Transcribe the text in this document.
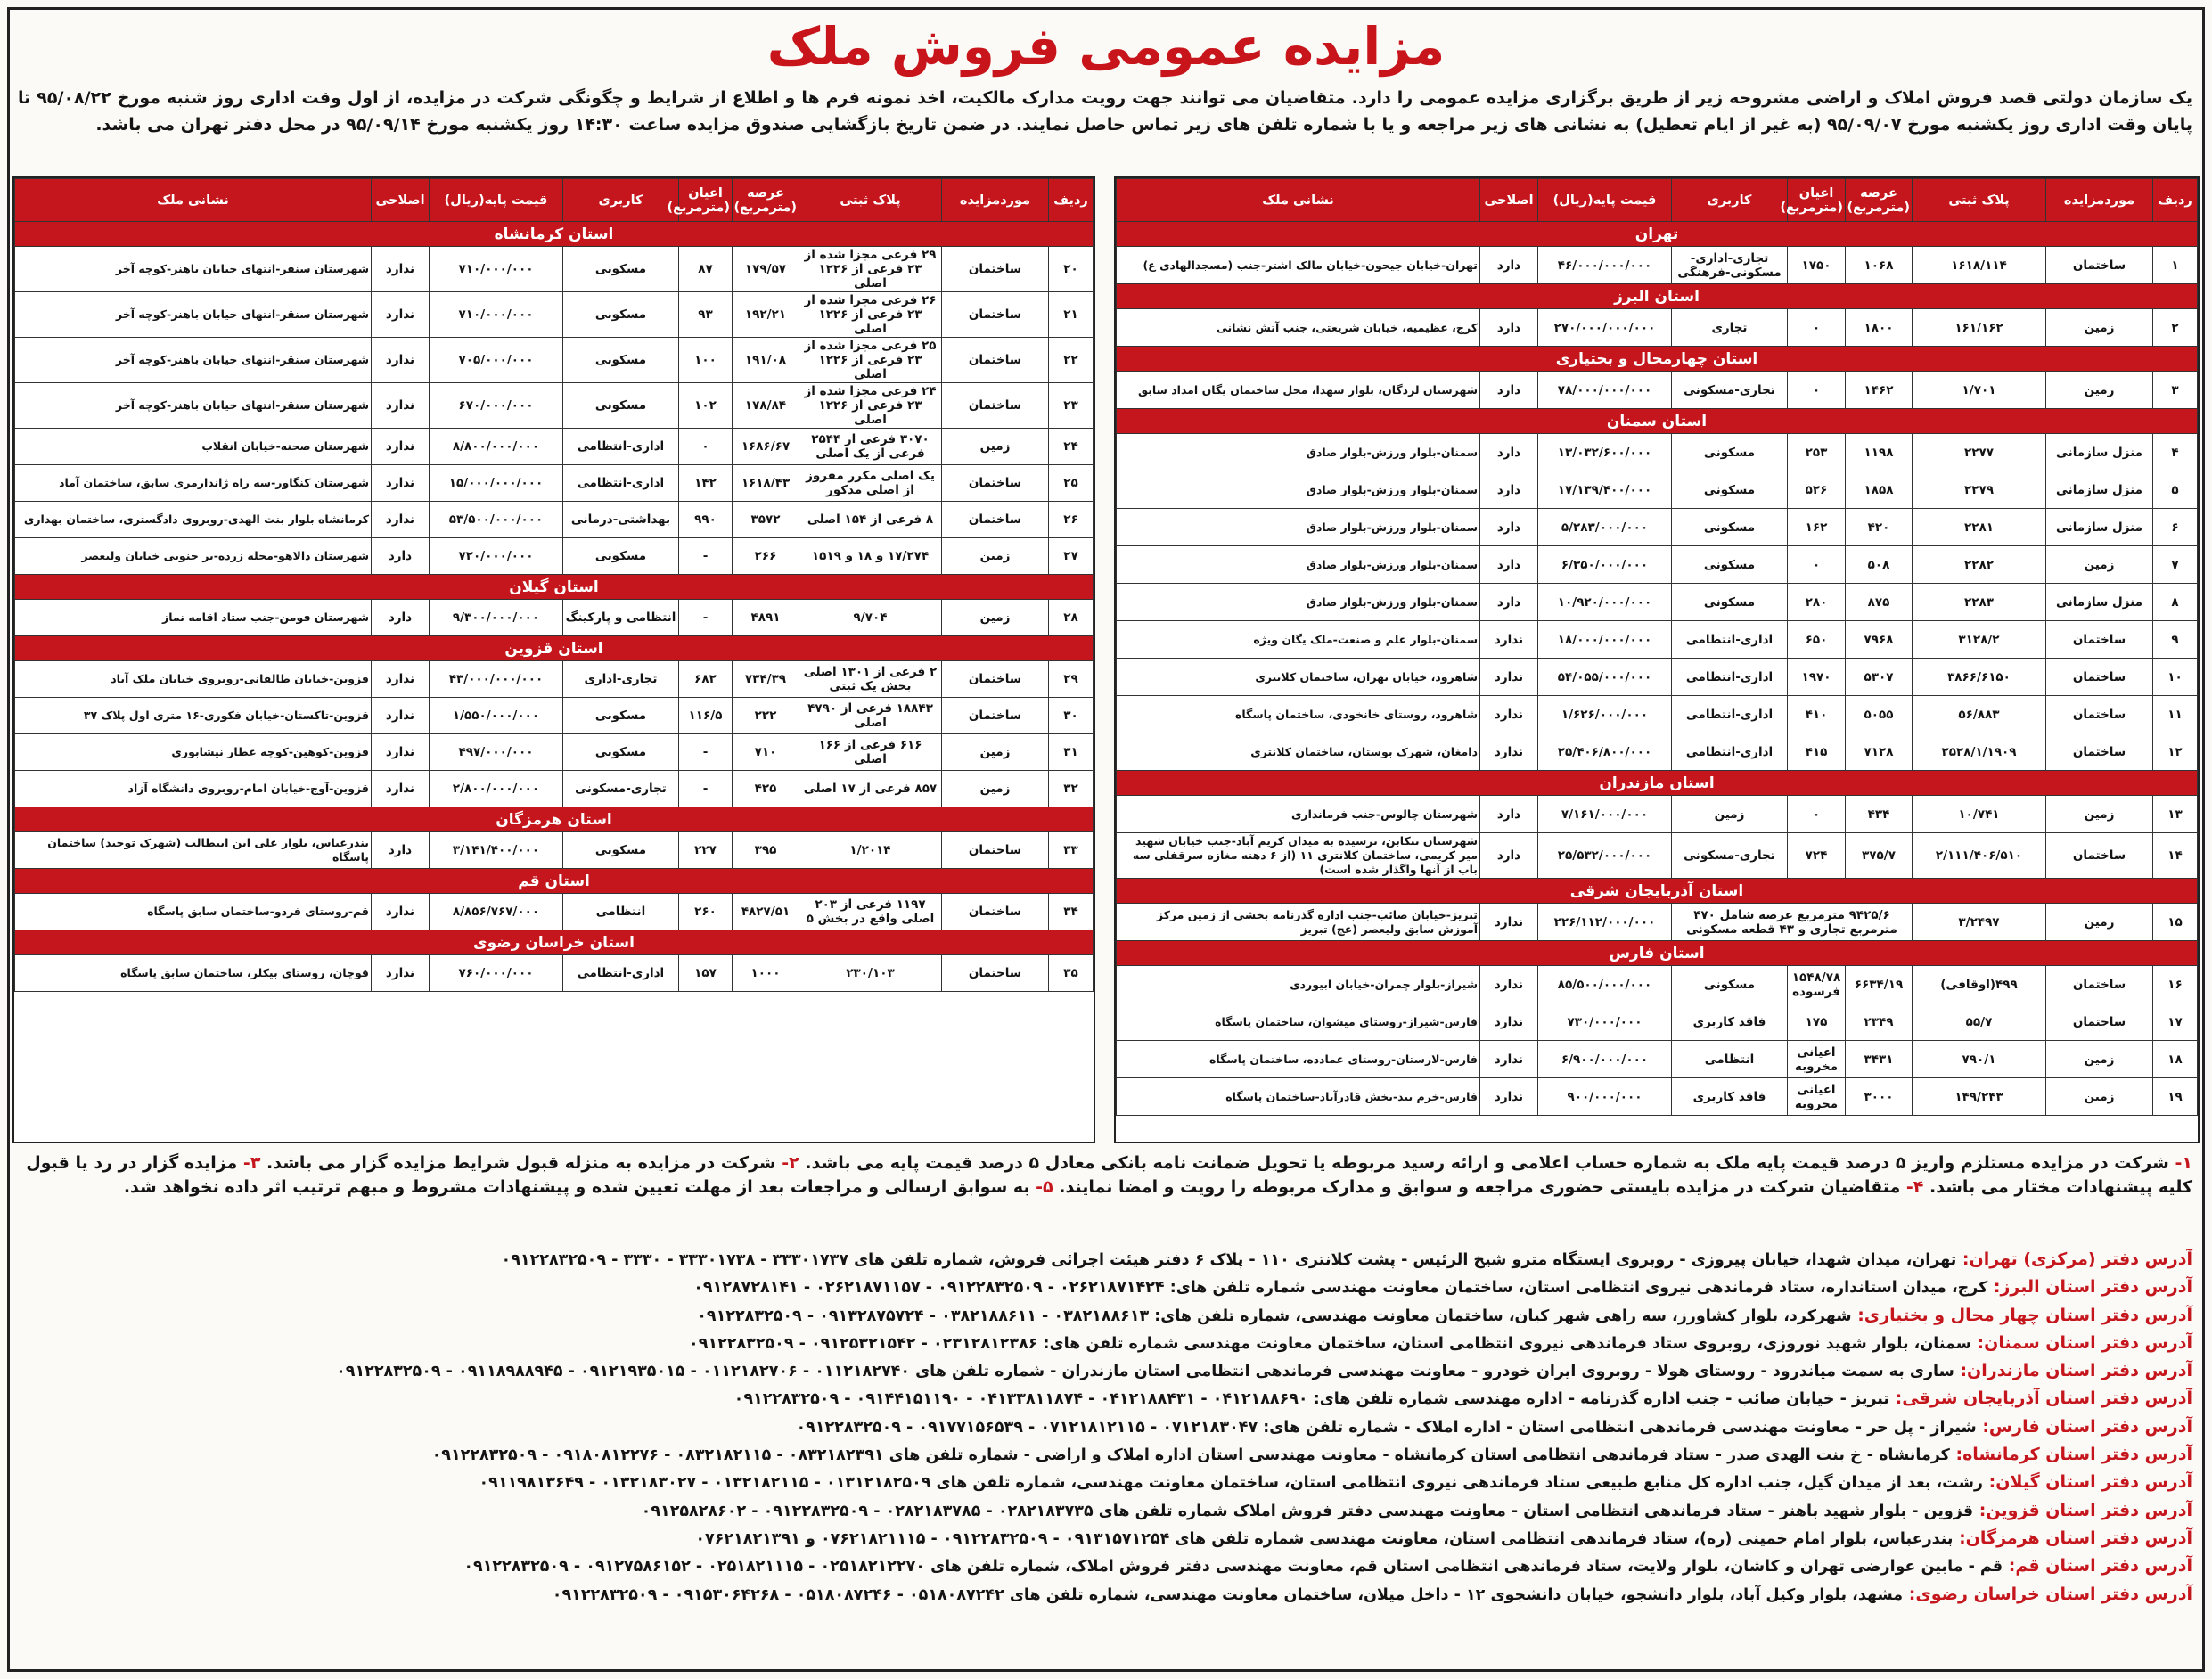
مزایده عمومی فروش ملک
یک سازمان دولتی قصد فروش املاک و اراضی مشروحه زیر از طریق برگزاری مزایده عمومی را دارد. متقاضیان می توانند جهت رویت مدارک مالکیت، اخذ نمونه فرم ها و اطلاع از شرایط و چگونگی شرکت در مزایده، از اول وقت اداری روز شنبه مورخ ۹۵/۰۸/۲۲ تا پایان وقت اداری روز یکشنبه مورخ ۹۵/۰۹/۰۷ (به غیر از ایام تعطیل) به نشانی های زیر مراجعه و یا با شماره تلفن های زیر تماس حاصل نمایند. در ضمن تاریخ بازگشایی صندوق مزایده ساعت ۱۴:۳۰ روز یکشنبه مورخ ۹۵/۰۹/۱۴ در محل دفتر تهران می باشد.
ردیف	موردمزایده	پلاک ثبتی	عرصه (مترمربع)	اعیان (مترمربع)	کاربری	قیمت پایه(ریال)	اصلاحی	نشانی ملک
تهران								
۱	ساختمان	۱۶۱۸/۱۱۴	۱۰۶۸	۱۷۵۰	تجاری-اداری-مسکونی-فرهنگی	۴۶/۰۰۰/۰۰۰/۰۰۰	دارد	تهران-خیابان جیحون-خیابان مالک اشتر-جنب (مسجدالهادی ع)
استان البرز								
۲	زمین	۱۶۱/۱۶۲	۱۸۰۰	۰	تجاری	۲۷۰/۰۰۰/۰۰۰/۰۰۰	دارد	کرج، عظیمیه، خیابان شریعتی، جنب آتش نشانی
استان چهارمحال و بختیاری								
۳	زمین	۱/۷۰۱	۱۴۶۲	۰	تجاری-مسکونی	۷۸/۰۰۰/۰۰۰/۰۰۰	دارد	شهرستان لردگان، بلوار شهدا، محل ساختمان یگان امداد سابق
استان سمنان								
۴	منزل سازمانی	۲۲۷۷	۱۱۹۸	۲۵۳	مسکونی	۱۳/۰۳۲/۶۰۰/۰۰۰	دارد	سمنان-بلوار ورزش-بلوار صادق
۵	منزل سازمانی	۲۲۷۹	۱۸۵۸	۵۲۶	مسکونی	۱۷/۱۳۹/۴۰۰/۰۰۰	دارد	سمنان-بلوار ورزش-بلوار صادق
۶	منزل سازمانی	۲۲۸۱	۴۲۰	۱۶۲	مسکونی	۵/۲۸۳/۰۰۰/۰۰۰	دارد	سمنان-بلوار ورزش-بلوار صادق
۷	زمین	۲۲۸۲	۵۰۸	۰	مسکونی	۶/۳۵۰/۰۰۰/۰۰۰	دارد	سمنان-بلوار ورزش-بلوار صادق
۸	منزل سازمانی	۲۲۸۳	۸۷۵	۲۸۰	مسکونی	۱۰/۹۲۰/۰۰۰/۰۰۰	دارد	سمنان-بلوار ورزش-بلوار صادق
۹	ساختمان	۳۱۲۸/۲	۷۹۶۸	۶۵۰	اداری-انتظامی	۱۸/۰۰۰/۰۰۰/۰۰۰	ندارد	سمنان-بلوار علم و صنعت-ملک یگان ویژه
۱۰	ساختمان	۳۸۶۶/۶۱۵۰	۵۳۰۷	۱۹۷۰	اداری-انتظامی	۵۴/۰۵۵/۰۰۰/۰۰۰	ندارد	شاهرود، خیابان تهران، ساختمان کلانتری
۱۱	ساختمان	۵۶/۸۸۳	۵۰۵۵	۴۱۰	اداری-انتظامی	۱/۶۲۶/۰۰۰/۰۰۰	ندارد	شاهرود، روستای خانخودی، ساختمان پاسگاه
۱۲	ساختمان	۲۵۲۸/۱/۱۹۰۹	۷۱۲۸	۴۱۵	اداری-انتظامی	۲۵/۴۰۶/۸۰۰/۰۰۰	ندارد	دامغان، شهرک بوستان، ساختمان کلانتری
استان مازندران								
۱۳	زمین	۱۰/۷۴۱	۴۳۴	۰	زمین	۷/۱۶۱/۰۰۰/۰۰۰	دارد	شهرستان چالوس-جنب فرمانداری
۱۴	ساختمان	۲/۱۱۱/۴۰۶/۵۱۰	۳۷۵/۷	۷۲۴	تجاری-مسکونی	۲۵/۵۳۲/۰۰۰/۰۰۰	دارد	شهرستان تنکابن، نرسیده به میدان کریم آباد-جنب خیابان شهید میر کریمی، ساختمان کلانتری ۱۱ (از ۶ دهنه مغازه سرقفلی سه باب از آنها واگذار شده است)
استان آذربایجان شرقی								
۱۵	زمین	۳/۲۴۹۷	۹۴۲۵/۶ مترمربع عرصه شامل ۴۷۰ مترمربع تجاری و ۴۳ قطعه مسکونی			۲۲۶/۱۱۲/۰۰۰/۰۰۰	ندارد	تبریز-خیابان صائب-جنب اداره گذرنامه بخشی از زمین مرکز آموزش سابق ولیعصر (عج) تبریز
استان فارس								
۱۶	ساختمان	۴۹۹(اوقافی)	۶۶۳۴/۱۹	۱۵۴۸/۷۸ فرسوده	مسکونی	۸۵/۵۰۰/۰۰۰/۰۰۰	ندارد	شیراز-بلوار چمران-خیابان ابیوردی
۱۷	ساختمان	۵۵/۷	۲۳۴۹	۱۷۵	فاقد کاربری	۷۳۰/۰۰۰/۰۰۰	ندارد	فارس-شیراز-روستای میشوان، ساختمان پاسگاه
۱۸	زمین	۷۹۰/۱	۳۴۳۱	اعیانی مخروبه	انتظامی	۶/۹۰۰/۰۰۰/۰۰۰	ندارد	فارس-لارستان-روستای عمادده، ساختمان پاسگاه
۱۹	زمین	۱۴۹/۲۴۳	۳۰۰۰	اعیانی مخروبه	فاقد کاربری	۹۰۰/۰۰۰/۰۰۰	ندارد	فارس-خرم بید-بخش قادرآباد-ساختمان پاسگاه
ردیف	موردمزایده	پلاک ثبتی	عرصه (مترمربع)	اعیان (مترمربع)	کاربری	قیمت پایه(ریال)	اصلاحی	نشانی ملک
استان کرمانشاه								
۲۰	ساختمان	۲۹ فرعی مجزا شده از ۲۳ فرعی از ۱۲۲۶ اصلی	۱۷۹/۵۷	۸۷	مسکونی	۷۱۰/۰۰۰/۰۰۰	ندارد	شهرستان سنقر-انتهای خیابان باهنر-کوچه آخر
۲۱	ساختمان	۲۶ فرعی مجزا شده از ۲۳ فرعی از ۱۲۲۶ اصلی	۱۹۲/۲۱	۹۳	مسکونی	۷۱۰/۰۰۰/۰۰۰	ندارد	شهرستان سنقر-انتهای خیابان باهنر-کوچه آخر
۲۲	ساختمان	۲۵ فرعی مجزا شده از ۲۳ فرعی از ۱۲۲۶ اصلی	۱۹۱/۰۸	۱۰۰	مسکونی	۷۰۵/۰۰۰/۰۰۰	ندارد	شهرستان سنقر-انتهای خیابان باهنر-کوچه آخر
۲۳	ساختمان	۲۴ فرعی مجزا شده از ۲۳ فرعی از ۱۲۲۶ اصلی	۱۷۸/۸۴	۱۰۲	مسکونی	۶۷۰/۰۰۰/۰۰۰	ندارد	شهرستان سنقر-انتهای خیابان باهنر-کوچه آخر
۲۴	زمین	۳۰۷۰ فرعی از ۲۵۴۴ فرعی از یک اصلی	۱۶۸۶/۶۷	۰	اداری-انتظامی	۸/۸۰۰/۰۰۰/۰۰۰	ندارد	شهرستان صحنه-خیابان انقلاب
۲۵	ساختمان	یک اصلی مکرر مفروز از اصلی مذکور	۱۶۱۸/۴۳	۱۴۲	اداری-انتظامی	۱۵/۰۰۰/۰۰۰/۰۰۰	ندارد	شهرستان کنگاور-سه راه ژاندارمری سابق، ساختمان آماد
۲۶	ساختمان	۸ فرعی از ۱۵۴ اصلی	۳۵۷۲	۹۹۰	بهداشتی-درمانی	۵۳/۵۰۰/۰۰۰/۰۰۰	ندارد	کرمانشاه بلوار بنت الهدی-روبروی دادگستری، ساختمان بهداری
۲۷	زمین	۱۷/۲۷۴ و ۱۸ و ۱۵۱۹	۲۶۶	-	مسکونی	۷۲۰/۰۰۰/۰۰۰	دارد	شهرستان دالاهو-محله زرده-بر جنوبی خیابان ولیعصر
استان گیلان								
۲۸	زمین	۹/۷۰۴	۴۸۹۱	-	انتظامی و پارکینگ	۹/۳۰۰/۰۰۰/۰۰۰	دارد	شهرستان فومن-جنب ستاد اقامه نماز
استان قزوین								
۲۹	ساختمان	۲ فرعی از ۱۳۰۱ اصلی بخش یک ثبتی	۷۳۴/۳۹	۶۸۲	تجاری-اداری	۴۳/۰۰۰/۰۰۰/۰۰۰	ندارد	قزوین-خیابان طالقانی-روبروی خیابان ملک آباد
۳۰	ساختمان	۱۸۸۴۳ فرعی از ۴۷۹۰ اصلی	۲۲۲	۱۱۶/۵	مسکونی	۱/۵۵۰/۰۰۰/۰۰۰	ندارد	قزوین-تاکستان-خیابان فکوری-۱۶ متری اول پلاک ۳۷
۳۱	زمین	۶۱۶ فرعی از ۱۶۶ اصلی	۷۱۰	-	مسکونی	۴۹۷/۰۰۰/۰۰۰	ندارد	قزوین-کوهین-کوچه عطار نیشابوری
۳۲	زمین	۸۵۷ فرعی از ۱۷ اصلی	۴۲۵	-	تجاری-مسکونی	۲/۸۰۰/۰۰۰/۰۰۰	ندارد	قزوین-آوج-خیابان امام-روبروی دانشگاه آزاد
استان هرمزگان								
۳۳	ساختمان	۱/۲۰۱۴	۳۹۵	۲۲۷	مسکونی	۳/۱۴۱/۴۰۰/۰۰۰	دارد	بندرعباس، بلوار علی ابن ابیطالب (شهرک توحید) ساختمان پاسگاه
استان قم								
۳۴	ساختمان	۱۱۹۷ فرعی از ۲۰۳ اصلی واقع در بخش ۵	۴۸۲۷/۵۱	۲۶۰	انتظامی	۸/۸۵۶/۷۶۷/۰۰۰	ندارد	قم-روستای فردو-ساختمان سابق پاسگاه
استان خراسان رضوی								
۳۵	ساختمان	۲۳۰/۱۰۳	۱۰۰۰	۱۵۷	اداری-انتظامی	۷۶۰/۰۰۰/۰۰۰	ندارد	قوچان، روستای بیکلر، ساختمان سابق پاسگاه
۱- شرکت در مزایده مستلزم واریز ۵ درصد قیمت پایه ملک به شماره حساب اعلامی و ارائه رسید مربوطه یا تحویل ضمانت نامه بانکی معادل ۵ درصد قیمت پایه می باشد. ۲- شرکت در مزایده به منزله قبول شرایط مزایده گزار می باشد. ۳- مزایده گزار در رد یا قبول کلیه پیشنهادات مختار می باشد. ۴- متقاضیان شرکت در مزایده بایستی حضوری مراجعه و سوابق و مدارک مربوطه را رویت و امضا نمایند. ۵- به سوابق ارسالی و مراجعات بعد از مهلت تعیین شده و پیشنهادات مشروط و مبهم ترتیب اثر داده نخواهد شد.
آدرس دفتر (مرکزی) تهران: تهران، میدان شهدا، خیابان پیروزی - روبروی ایستگاه مترو شیخ الرئیس - پشت کلانتری ۱۱۰ - پلاک ۶ دفتر هیئت اجرائی فروش، شماره تلفن های ۳۳۳۰۱۷۳۷ - ۳۳۳۰۱۷۳۸ - ۳۳۳۰ - ۰۹۱۲۲۸۳۲۵۰۹
آدرس دفتر استان البرز: کرج، میدان استانداره، ستاد فرماندهی نیروی انتظامی استان، ساختمان معاونت مهندسی شماره تلفن های: ۰۲۶۲۱۸۷۱۴۲۴ - ۰۹۱۲۲۸۳۲۵۰۹ - ۰۲۶۲۱۸۷۱۱۵۷ - ۰۹۱۲۸۷۲۸۱۴۱
آدرس دفتر استان چهار محال و بختیاری: شهرکرد، بلوار کشاورز، سه راهی شهر کیان، ساختمان معاونت مهندسی، شماره تلفن های: ۰۳۸۲۱۸۸۶۱۳ - ۰۳۸۲۱۸۸۶۱۱ - ۰۹۱۳۲۸۷۵۷۲۴ - ۰۹۱۲۲۸۳۲۵۰۹
آدرس دفتر استان سمنان: سمنان، بلوار شهید نوروزی، روبروی ستاد فرماندهی نیروی انتظامی استان، ساختمان معاونت مهندسی شماره تلفن های: ۰۲۳۱۲۸۱۲۳۸۶ - ۰۹۱۲۵۳۲۱۵۴۲ - ۰۹۱۲۲۸۳۲۵۰۹
آدرس دفتر استان مازندران: ساری به سمت میاندرود - روستای هولا - روبروی ایران خودرو - معاونت مهندسی فرماندهی انتظامی استان مازندران - شماره تلفن های ۰۱۱۲۱۸۲۷۴۰ - ۰۱۱۲۱۸۲۷۰۶ - ۰۹۱۲۱۹۳۵۰۱۵ - ۰۹۱۱۸۹۸۸۹۴۵ - ۰۹۱۲۲۸۳۲۵۰۹
آدرس دفتر استان آذربایجان شرقی: تبریز - خیابان صائب - جنب اداره گذرنامه - اداره مهندسی شماره تلفن های: ۰۴۱۲۱۸۸۶۹۰ - ۰۴۱۲۱۸۸۴۳۱ - ۰۴۱۳۳۸۱۱۸۷۴ - ۰۹۱۴۴۱۵۱۱۹۰ - ۰۹۱۲۲۸۳۲۵۰۹
آدرس دفتر استان فارس: شیراز - پل حر - معاونت مهندسی فرماندهی انتظامی استان - اداره املاک - شماره تلفن های: ۰۷۱۲۱۸۳۰۴۷ - ۰۷۱۲۱۸۱۲۱۱۵ - ۰۹۱۷۷۱۵۶۵۳۹ - ۰۹۱۲۲۸۳۲۵۰۹
آدرس دفتر استان کرمانشاه: کرمانشاه - خ بنت الهدی صدر - ستاد فرماندهی انتظامی استان کرمانشاه - معاونت مهندسی استان اداره املاک و اراضی - شماره تلفن های ۰۸۳۲۱۸۲۳۹۱ - ۰۸۳۲۱۸۲۱۱۵ - ۰۹۱۸۰۸۱۲۲۷۶ - ۰۹۱۲۲۸۳۲۵۰۹
آدرس دفتر استان گیلان: رشت، بعد از میدان گیل، جنب اداره کل منابع طبیعی ستاد فرماندهی نیروی انتظامی استان، ساختمان معاونت مهندسی، شماره تلفن های ۰۱۳۱۲۱۸۲۵۰۹ - ۰۱۳۲۱۸۲۱۱۵ - ۰۱۳۲۱۸۳۰۲۷ - ۰۹۱۱۹۸۱۳۶۴۹
آدرس دفتر استان قزوین: قزوین - بلوار شهید باهنر - ستاد فرماندهی انتظامی استان - معاونت مهندسی دفتر فروش املاک شماره تلفن های ۰۲۸۲۱۸۳۷۳۵ - ۰۲۸۲۱۸۳۷۸۵ - ۰۹۱۲۲۸۳۲۵۰۹ - ۰۹۱۲۵۸۲۸۶۰۲
آدرس دفتر استان هرمزگان: بندرعباس، بلوار امام خمینی (ره)، ستاد فرماندهی انتظامی استان، معاونت مهندسی شماره تلفن های ۰۹۱۳۱۵۷۱۲۵۴ - ۰۹۱۲۲۸۳۲۵۰۹ - ۰۷۶۲۱۸۲۱۱۱۵ و ۰۷۶۲۱۸۲۱۳۹۱
آدرس دفتر استان قم: قم - مابین عوارضی تهران و کاشان، بلوار ولایت، ستاد فرماندهی انتظامی استان قم، معاونت مهندسی دفتر فروش املاک، شماره تلفن های ۰۲۵۱۸۲۱۲۲۷۰ - ۰۲۵۱۸۲۱۱۱۵ - ۰۹۱۲۷۵۸۶۱۵۲ - ۰۹۱۲۲۸۳۲۵۰۹
آدرس دفتر استان خراسان رضوی: مشهد، بلوار وکیل آباد، بلوار دانشجو، خیابان دانشجوی ۱۲ - داخل میلان، ساختمان معاونت مهندسی، شماره تلفن های ۰۵۱۸۰۸۷۲۴۲ - ۰۵۱۸۰۸۷۲۴۶ - ۰۹۱۵۳۰۶۴۲۶۸ - ۰۹۱۲۲۸۳۲۵۰۹
